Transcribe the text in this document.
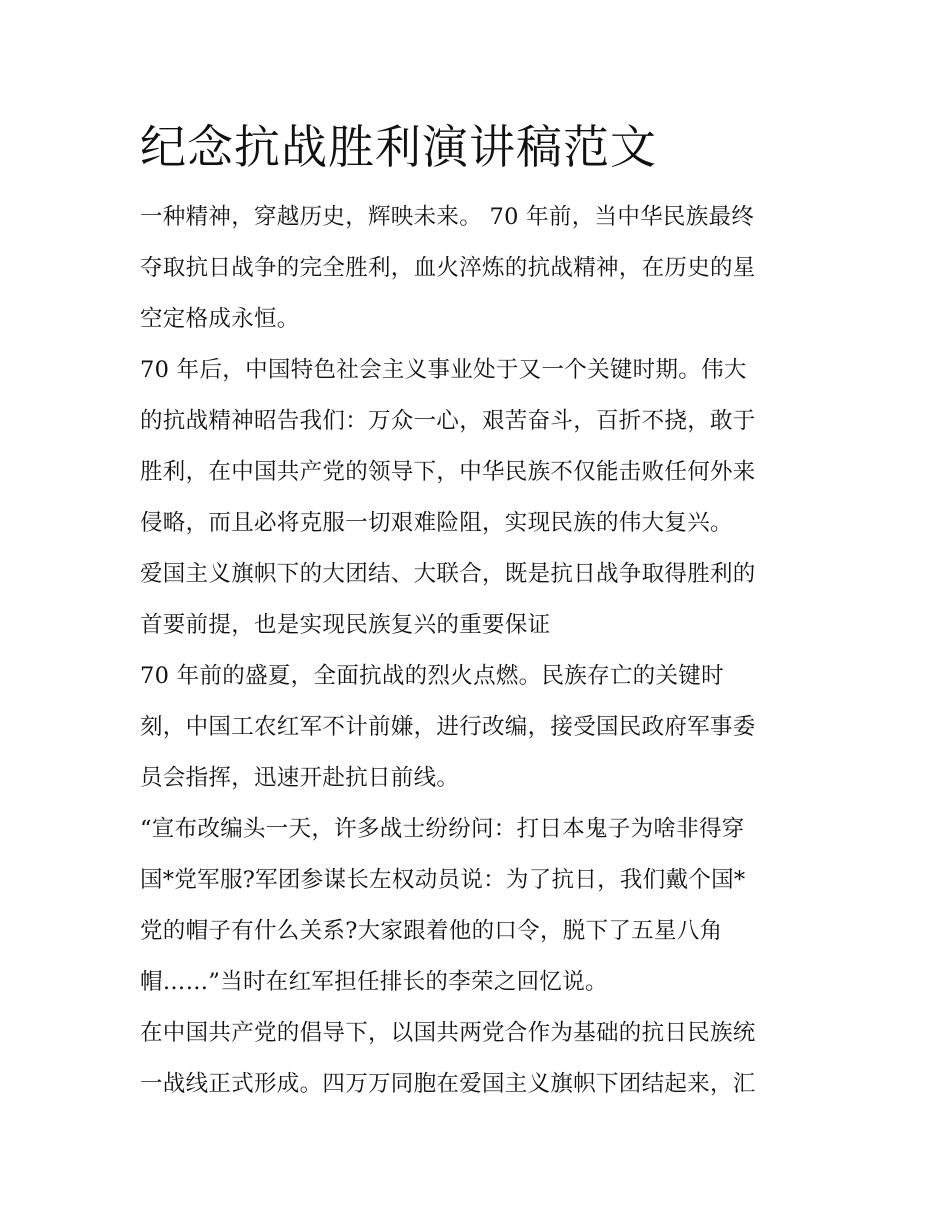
纪念抗战胜利演讲稿范文
一种精神，穿越历史，辉映未来。 70 年前，当中华民族最终
夺取抗日战争的完全胜利，血火淬炼的抗战精神，在历史的星
空定格成永恒。
70 年后，中国特色社会主义事业处于又一个关键时期。伟大
的抗战精神昭告我们：万众一心，艰苦奋斗，百折不挠，敢于
胜利，在中国共产党的领导下，中华民族不仅能击败任何外来
侵略，而且必将克服一切艰难险阻，实现民族的伟大复兴。
爱国主义旗帜下的大团结、大联合，既是抗日战争取得胜利的
首要前提，也是实现民族复兴的重要保证
70 年前的盛夏，全面抗战的烈火点燃。民族存亡的关键时
刻，中国工农红军不计前嫌，进行改编，接受国民政府军事委
员会指挥，迅速开赴抗日前线。
“宣布改编头一天，许多战士纷纷问：打日本鬼子为啥非得穿
国*党军服?军团参谋长左权动员说：为了抗日，我们戴个国*
党的帽子有什么关系?大家跟着他的口令，脱下了五星八角
帽……”当时在红军担任排长的李荣之回忆说。
在中国共产党的倡导下，以国共两党合作为基础的抗日民族统
一战线正式形成。四万万同胞在爱国主义旗帜下团结起来，汇
